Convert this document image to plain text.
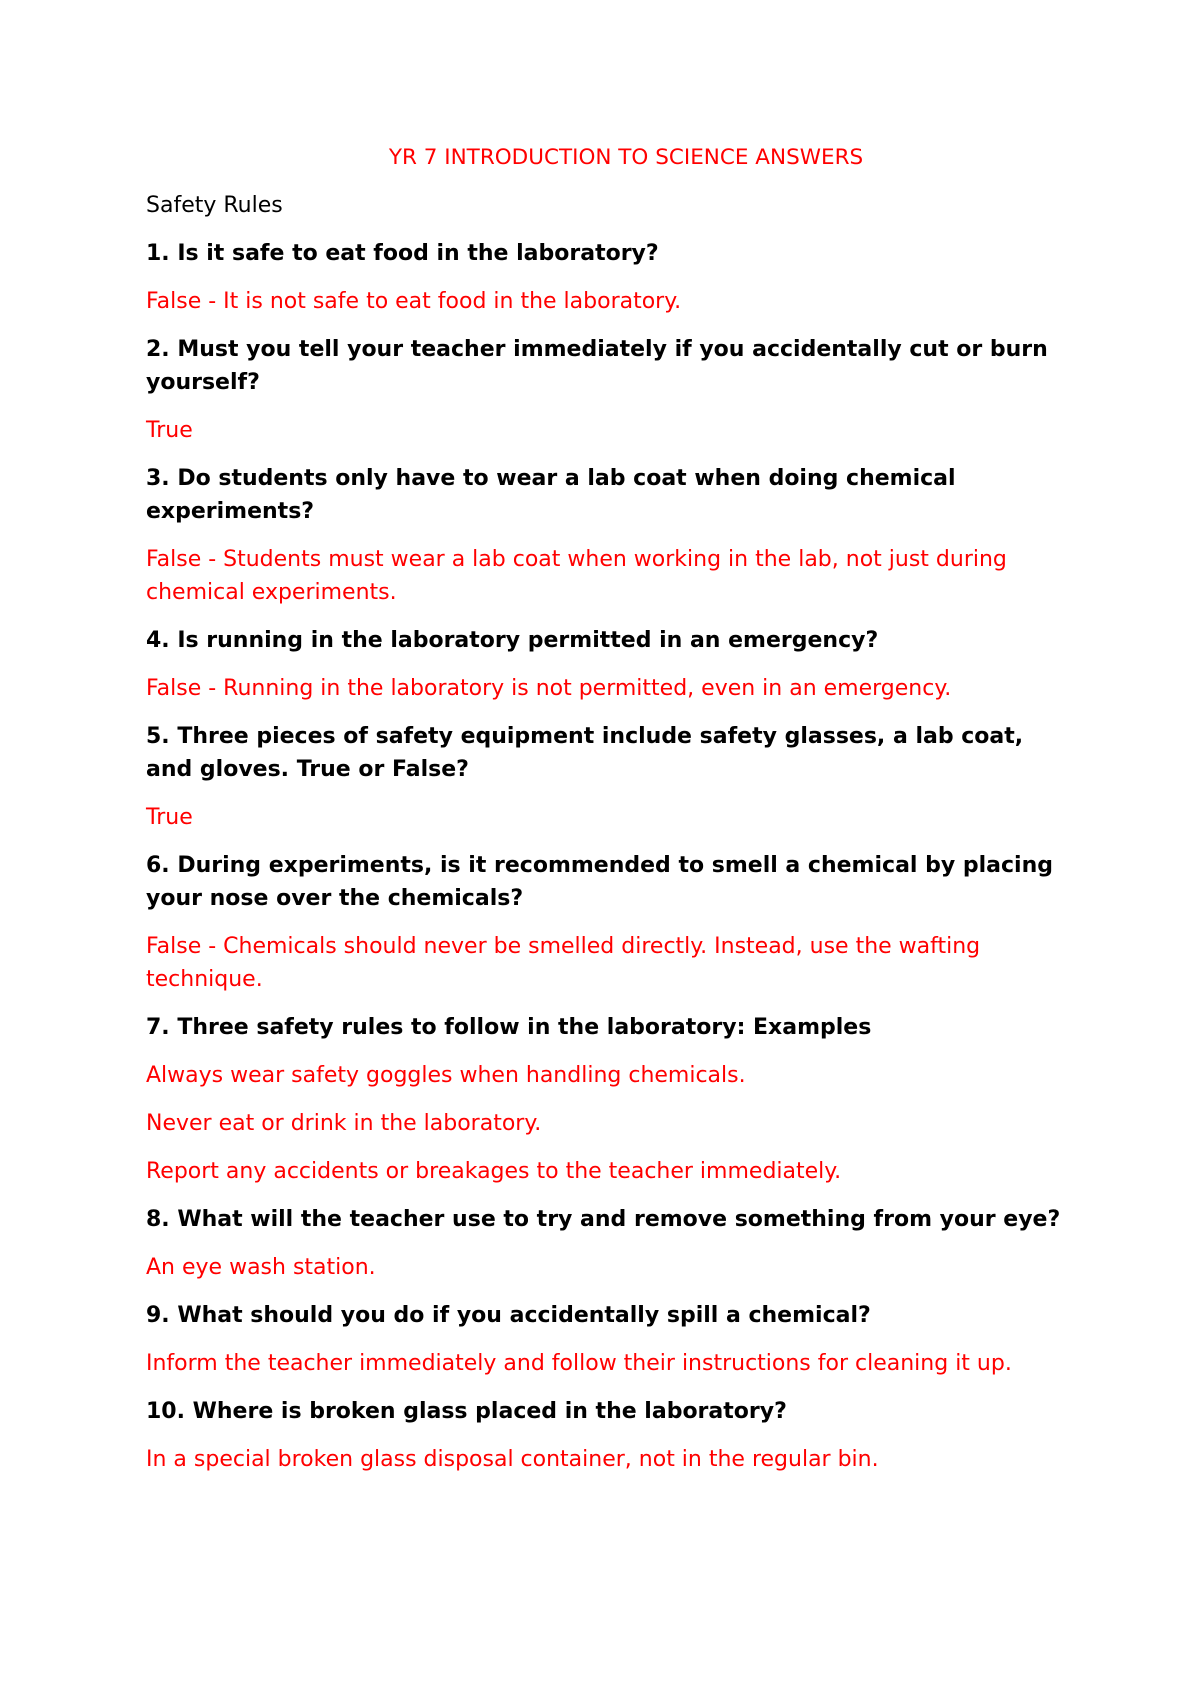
YR 7 INTRODUCTION TO SCIENCE ANSWERS
Safety Rules
1. Is it safe to eat food in the laboratory?
False - It is not safe to eat food in the laboratory.
2. Must you tell your teacher immediately if you accidentally cut or burn yourself?
True
3. Do students only have to wear a lab coat when doing chemical experiments?
False - Students must wear a lab coat when working in the lab, not just during chemical experiments.
4. Is running in the laboratory permitted in an emergency?
False - Running in the laboratory is not permitted, even in an emergency.
5. Three pieces of safety equipment include safety glasses, a lab coat, and gloves. True or False?
True
6. During experiments, is it recommended to smell a chemical by placing your nose over the chemicals?
False - Chemicals should never be smelled directly. Instead, use the wafting technique.
7. Three safety rules to follow in the laboratory: Examples
Always wear safety goggles when handling chemicals.
Never eat or drink in the laboratory.
Report any accidents or breakages to the teacher immediately.
8. What will the teacher use to try and remove something from your eye?
An eye wash station.
9. What should you do if you accidentally spill a chemical?
Inform the teacher immediately and follow their instructions for cleaning it up.
10. Where is broken glass placed in the laboratory?
In a special broken glass disposal container, not in the regular bin.
